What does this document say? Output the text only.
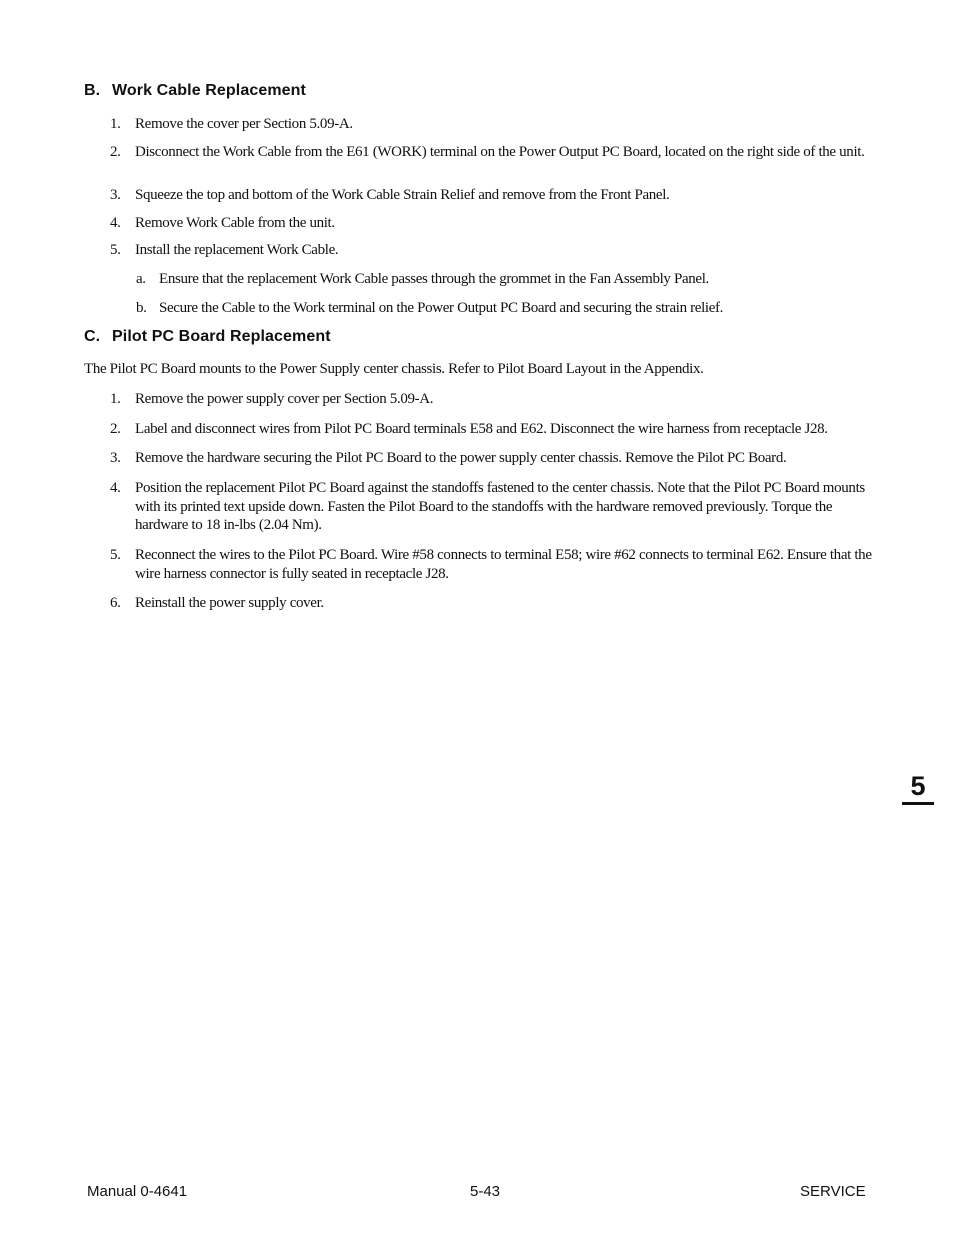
B. Work Cable Replacement
1. Remove the cover per Section 5.09-A.
2. Disconnect the Work Cable from the E61 (WORK) terminal on the Power Output PC Board, located on the right side of the unit.
3. Squeeze the top and bottom of the Work Cable Strain Relief and remove from the Front Panel.
4. Remove Work Cable from the unit.
5. Install the replacement Work Cable.
a. Ensure that the replacement Work Cable passes through the grommet in the Fan Assembly Panel.
b. Secure the Cable to the Work terminal on the Power Output PC Board and securing the strain relief.
C. Pilot PC Board Replacement
The Pilot PC Board mounts to the Power Supply center chassis. Refer to Pilot Board Layout in the Appendix.
1. Remove the power supply cover per Section 5.09-A.
2. Label and disconnect wires from Pilot PC Board terminals E58 and E62. Disconnect the wire harness from receptacle J28.
3. Remove the hardware securing the Pilot PC Board to the power supply center chassis. Remove the Pilot PC Board.
4. Position the replacement Pilot PC Board against the standoffs fastened to the center chassis. Note that the Pilot PC Board mounts with its printed text upside down. Fasten the Pilot Board to the standoffs with the hardware removed previously. Torque the hardware to 18 in-lbs (2.04 Nm).
5. Reconnect the wires to the Pilot PC Board. Wire #58 connects to terminal E58; wire #62 connects to terminal E62. Ensure that the wire harness connector is fully seated in receptacle J28.
6. Reinstall the power supply cover.
5
Manual 0-4641	5-43	SERVICE
